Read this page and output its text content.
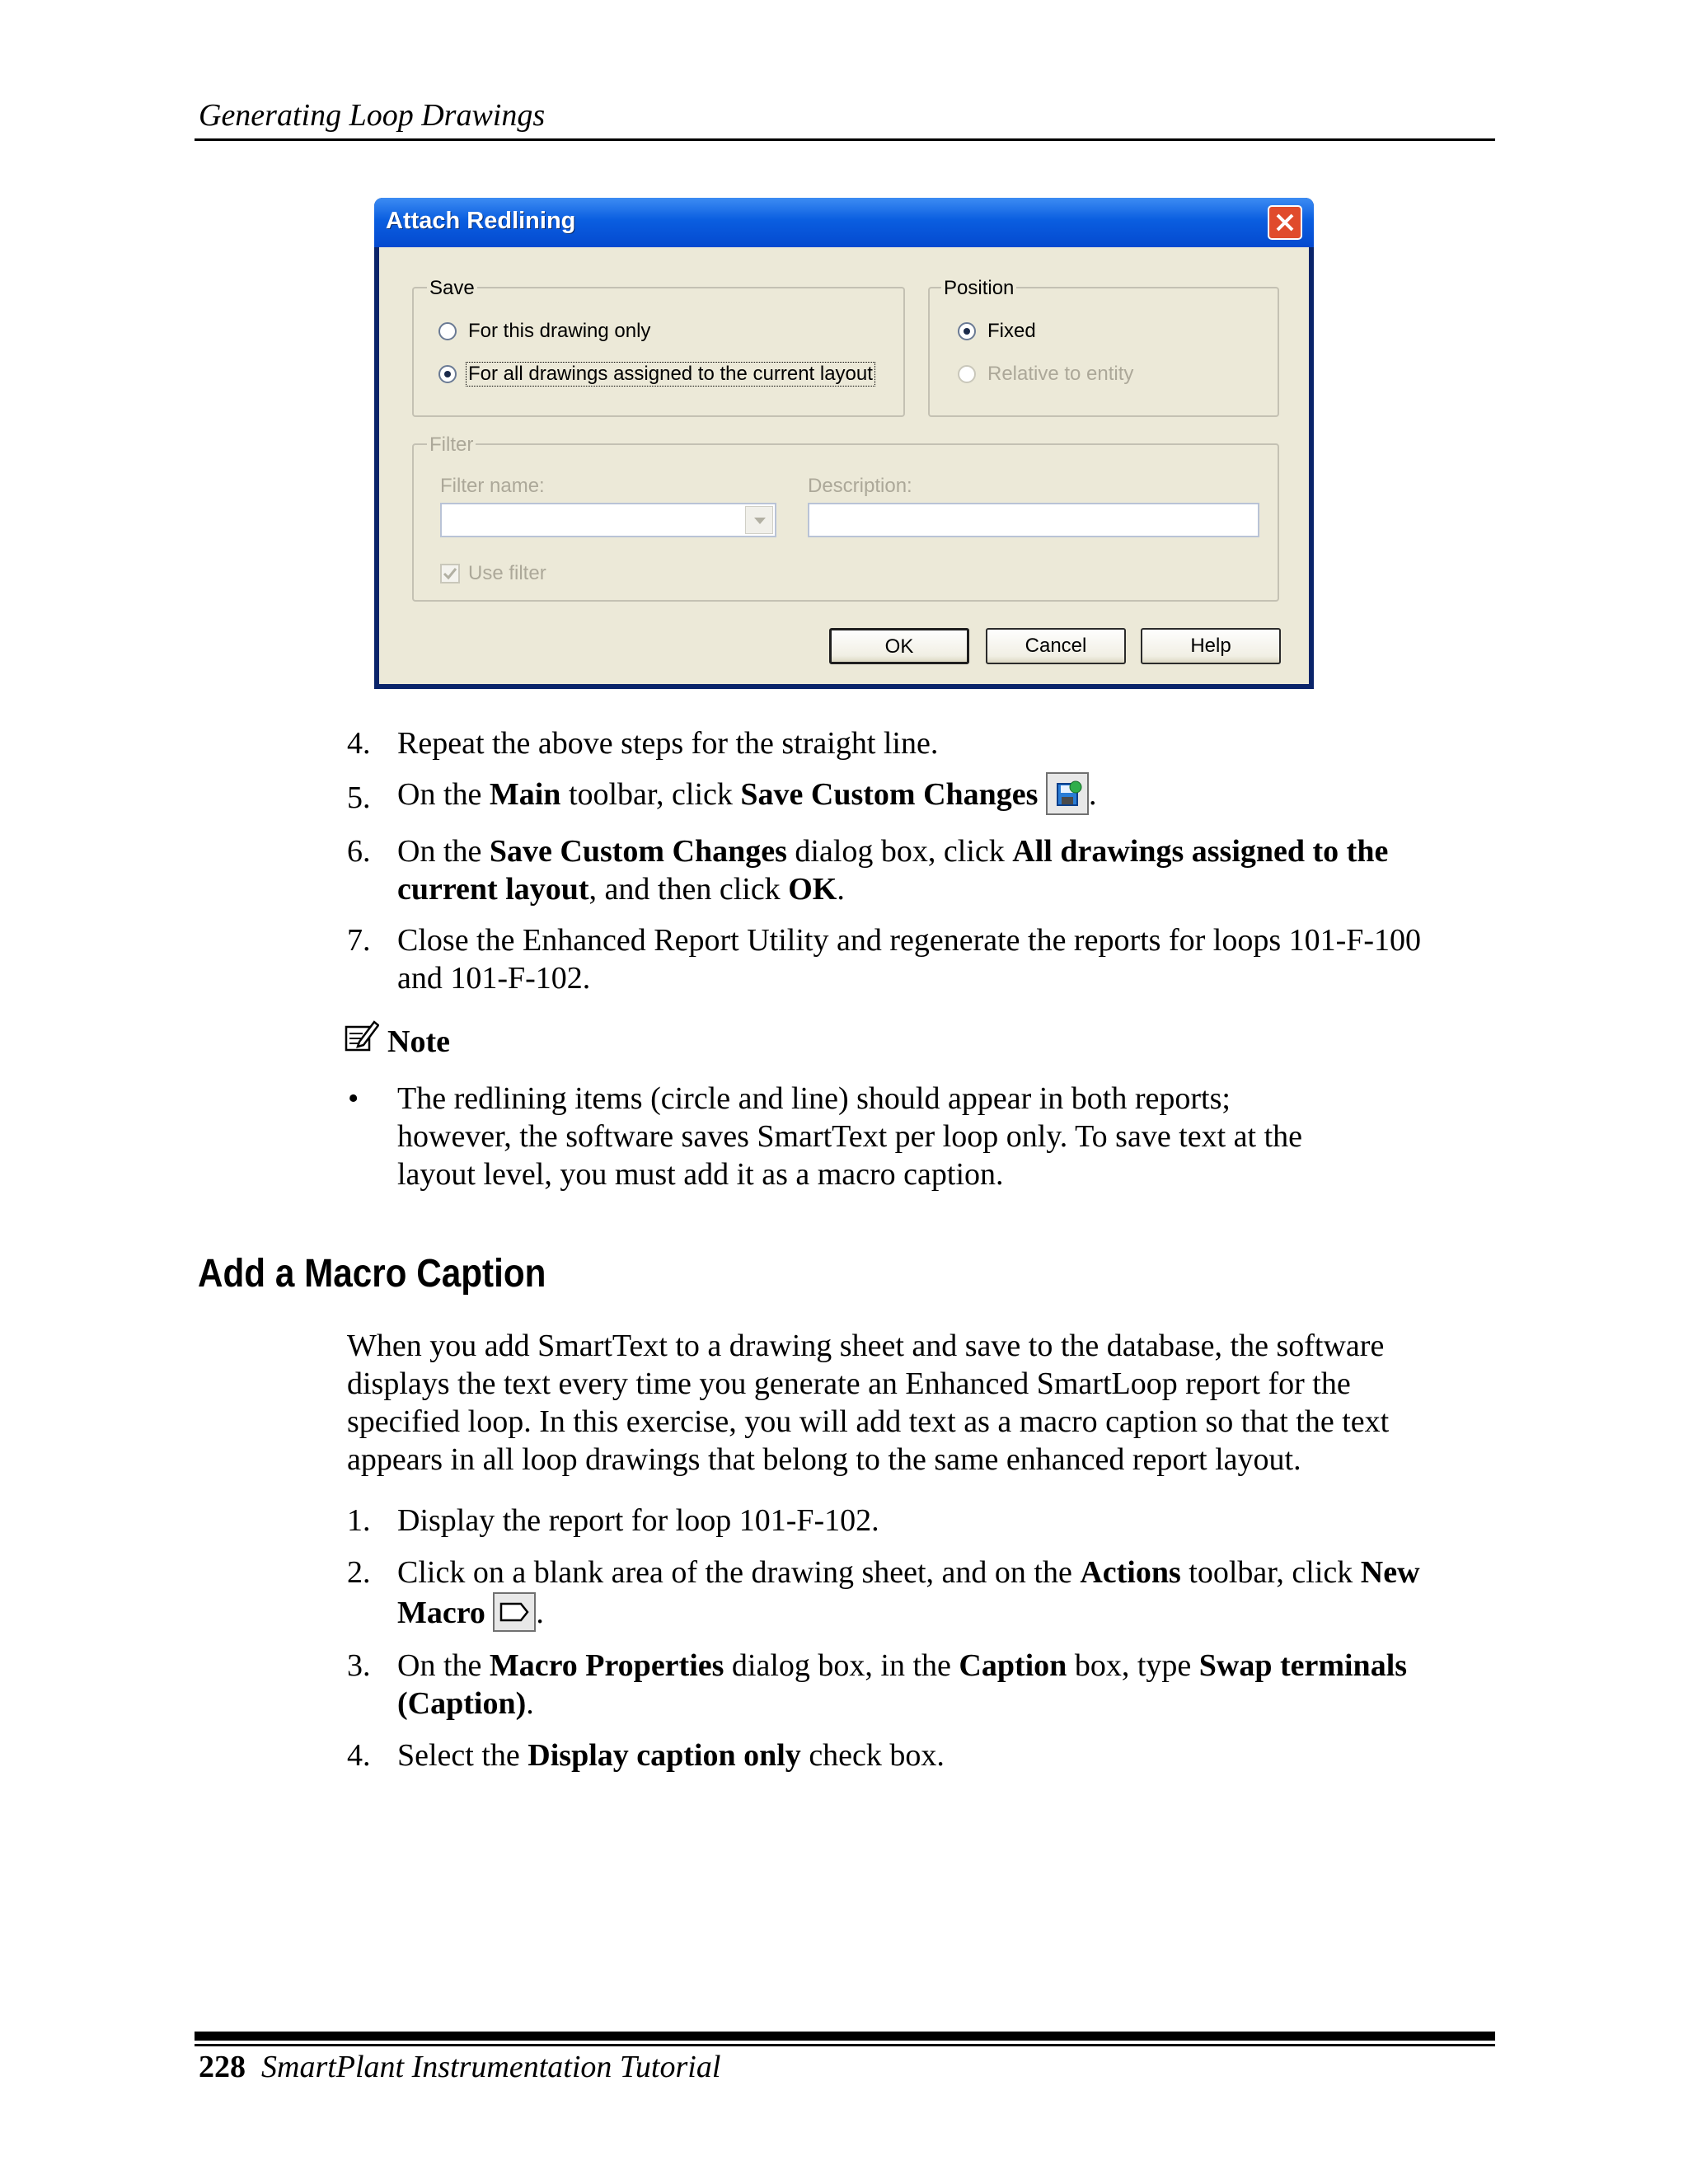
Generating Loop Drawings
Attach Redlining
Save
For this drawing only
For all drawings assigned to the current layout
Position
Fixed
Relative to entity
Filter
Filter name:	Description:
Use filter
OK	Cancel	Help
4. Repeat the above steps for the straight line.
5. On the Main toolbar, click Save Custom Changes .
6. On the Save Custom Changes dialog box, click All drawings assigned to the
current layout, and then click OK.
7. Close the Enhanced Report Utility and regenerate the reports for loops 101-F-100
and 101-F-102.
Note
• The redlining items (circle and line) should appear in both reports;
however, the software saves SmartText per loop only. To save text at the
layout level, you must add it as a macro caption.
Add a Macro Caption
When you add SmartText to a drawing sheet and save to the database, the software
displays the text every time you generate an Enhanced SmartLoop report for the
specified loop. In this exercise, you will add text as a macro caption so that the text
appears in all loop drawings that belong to the same enhanced report layout.
1. Display the report for loop 101-F-102.
2. Click on a blank area of the drawing sheet, and on the Actions toolbar, click New
Macro .
3. On the Macro Properties dialog box, in the Caption box, type Swap terminals
(Caption).
4. Select the Display caption only check box.
228 SmartPlant Instrumentation Tutorial
